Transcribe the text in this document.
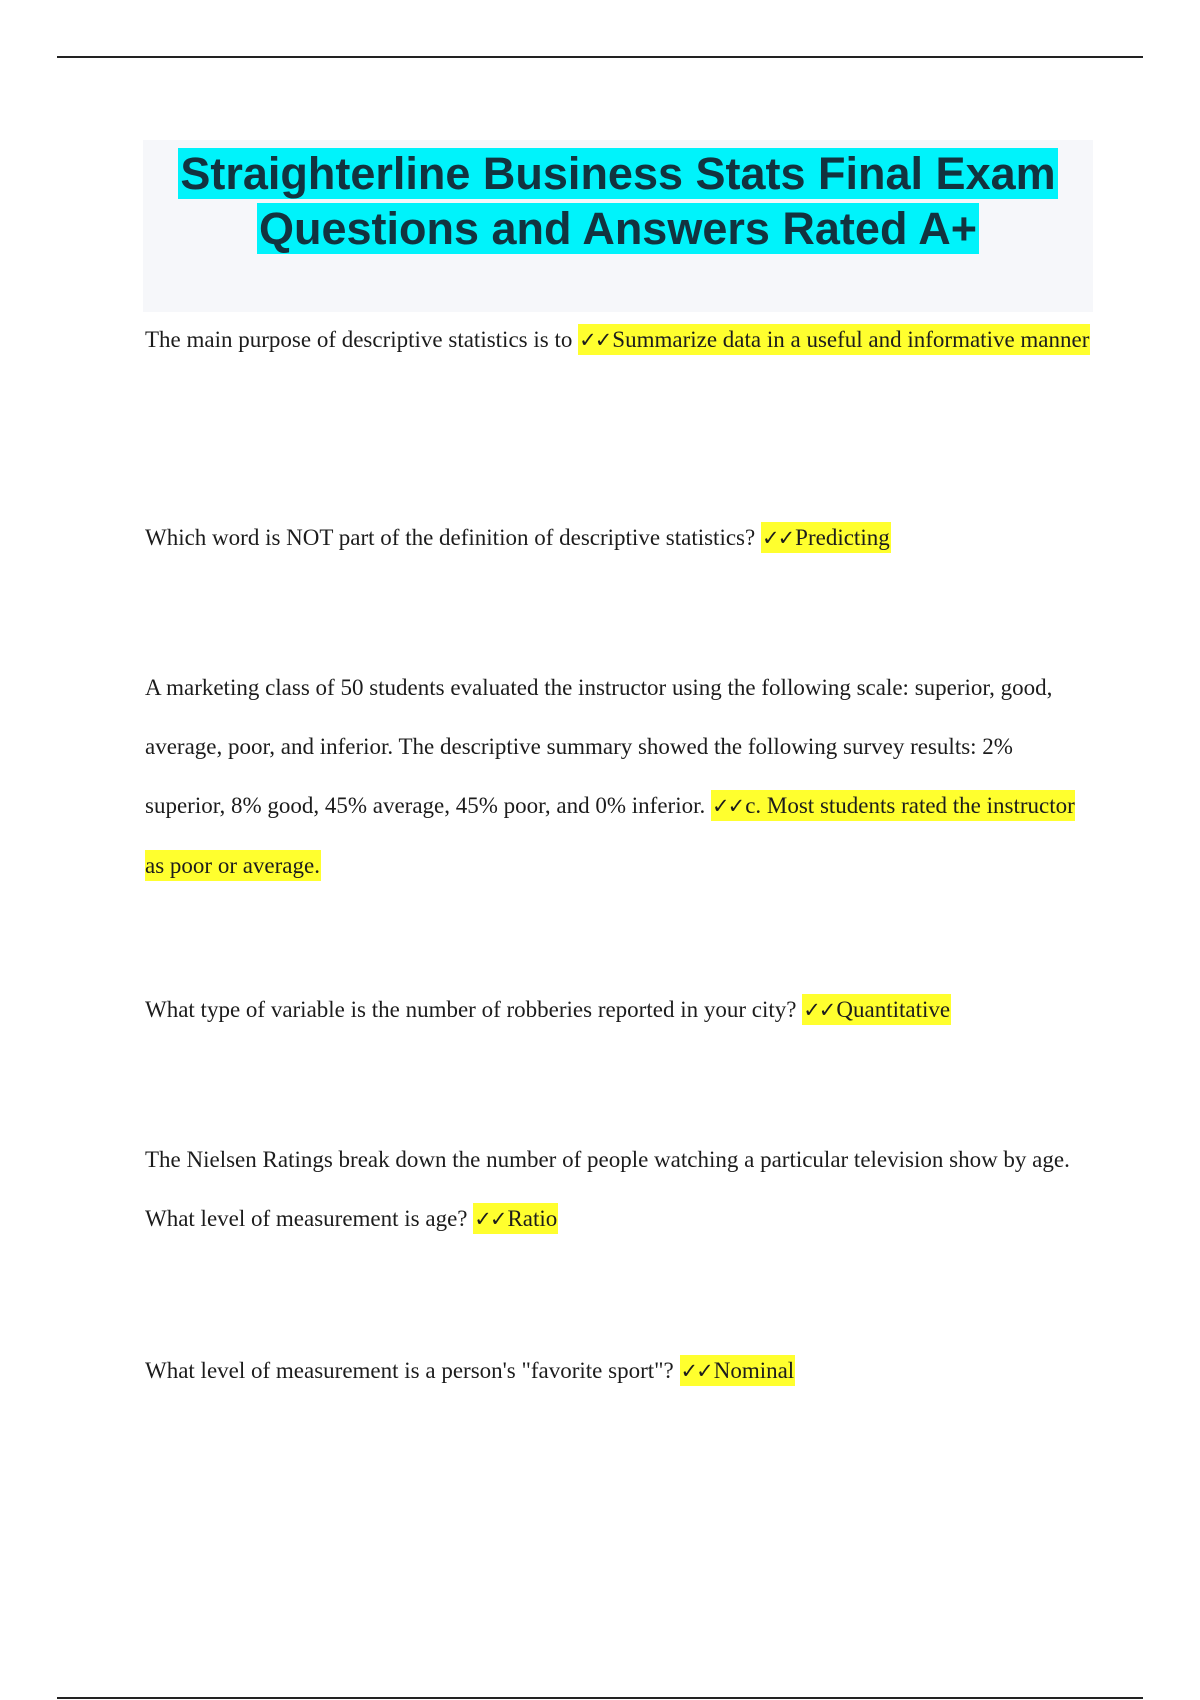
Straighterline Business Stats Final Exam
Questions and Answers Rated A+

The main purpose of descriptive statistics is to ✓✓Summarize data in a useful and informative manner

Which word is NOT part of the definition of descriptive statistics? ✓✓Predicting

A marketing class of 50 students evaluated the instructor using the following scale: superior, good, average, poor, and inferior. The descriptive summary showed the following survey results: 2% superior, 8% good, 45% average, 45% poor, and 0% inferior. ✓✓c. Most students rated the instructor as poor or average.

What type of variable is the number of robberies reported in your city? ✓✓Quantitative

The Nielsen Ratings break down the number of people watching a particular television show by age. What level of measurement is age? ✓✓Ratio

What level of measurement is a person's "favorite sport"? ✓✓Nominal
